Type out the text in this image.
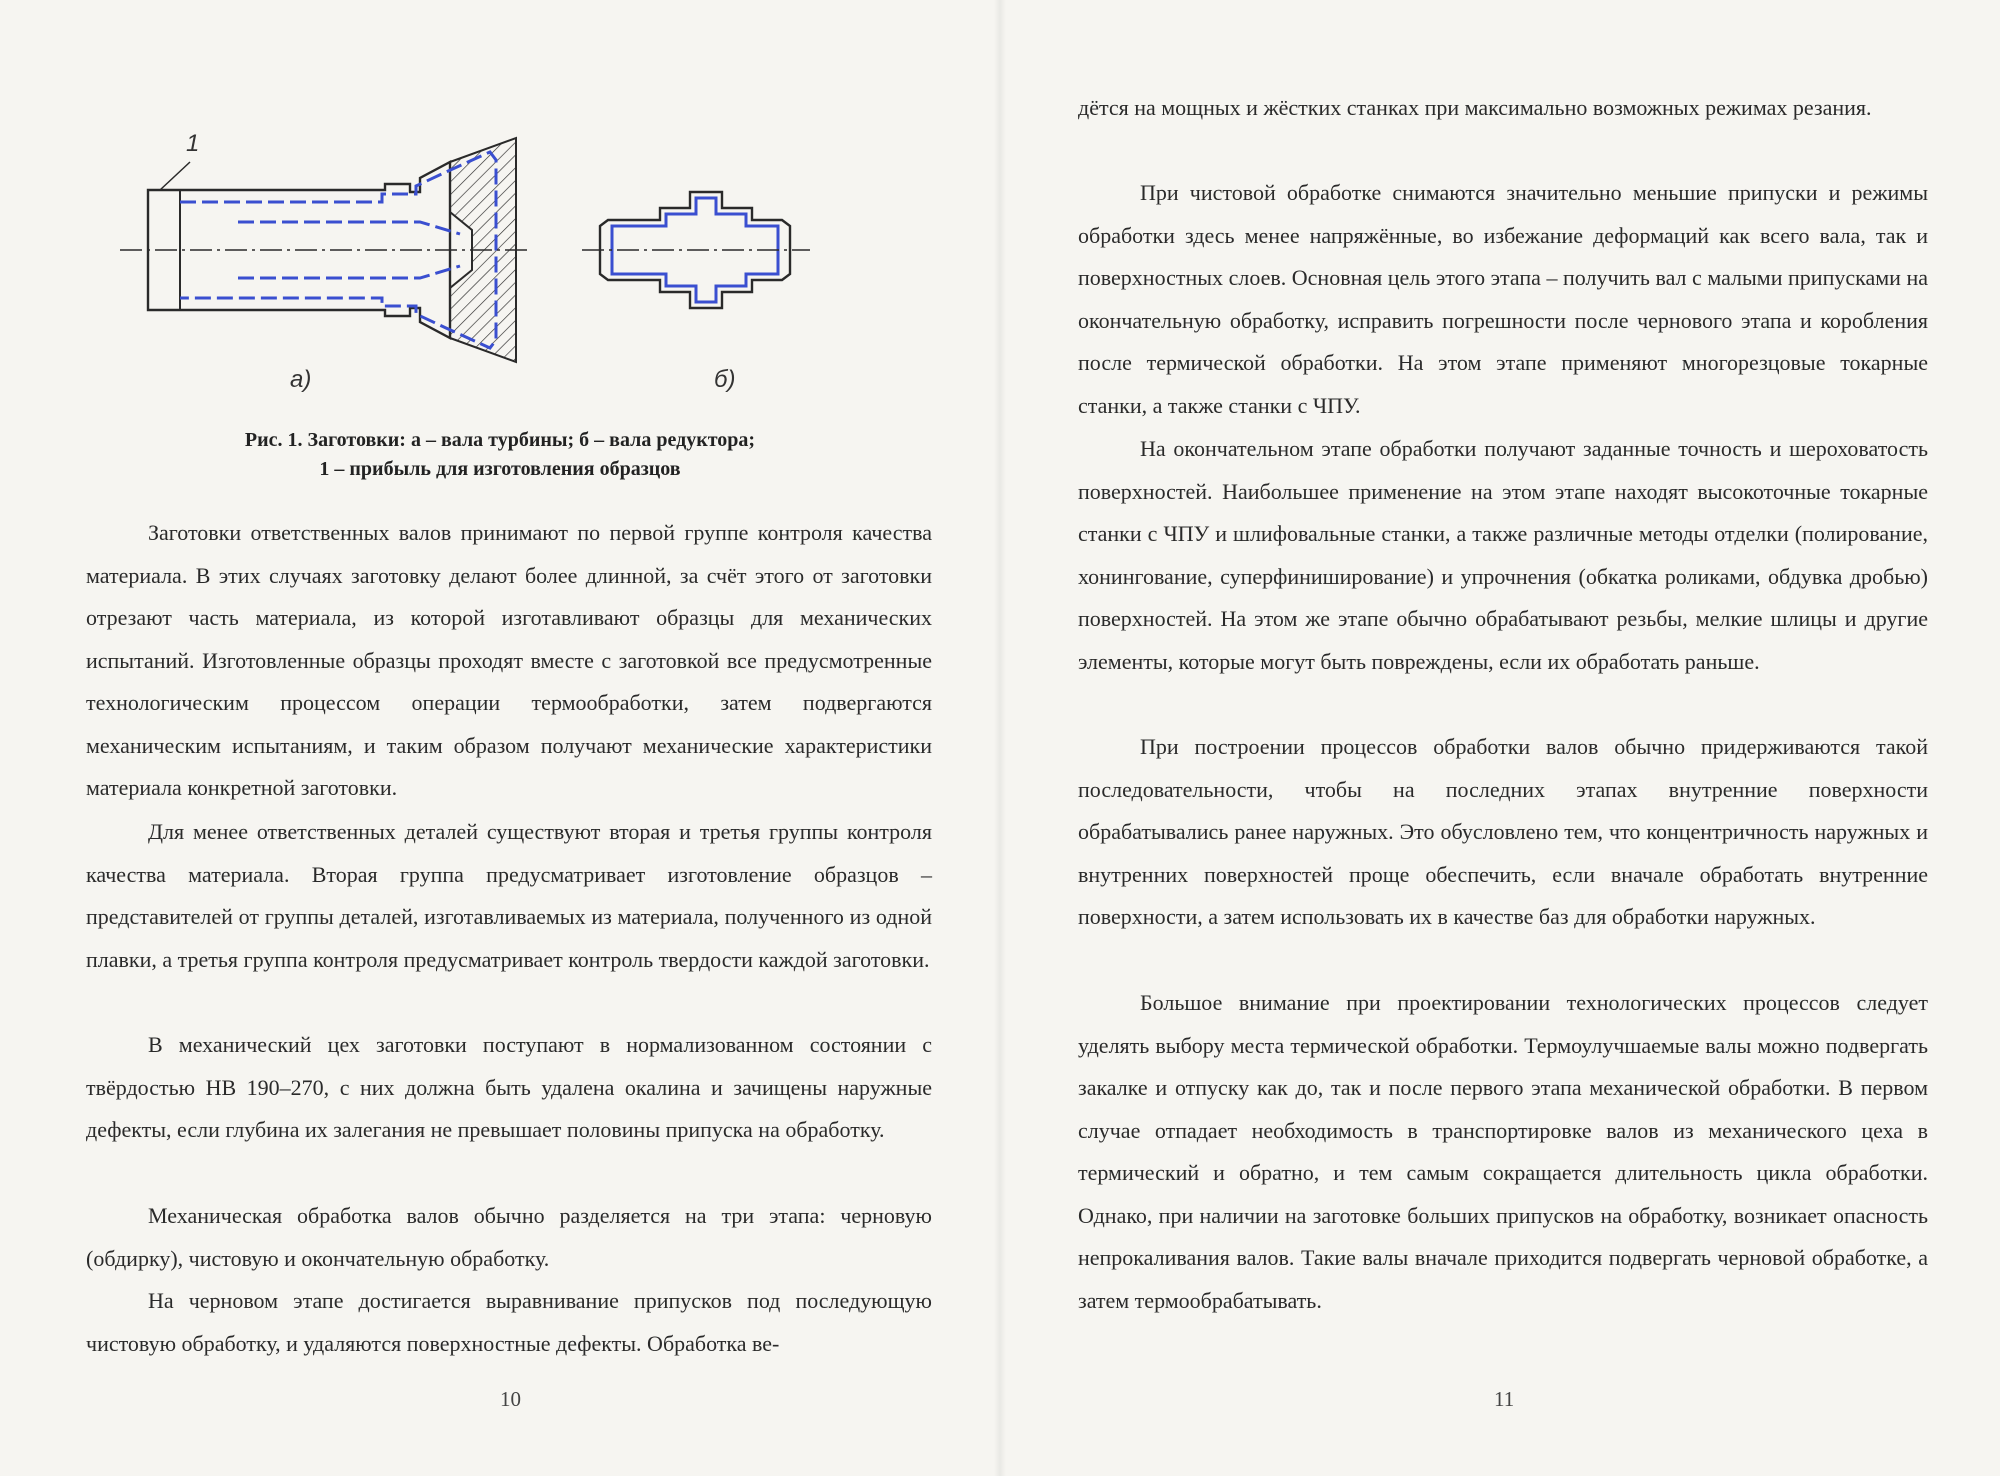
1
а)	б)
Рис. 1. Заготовки: а – вала турбины; б – вала редуктора;
1 – прибыль для изготовления образцов

Заготовки ответственных валов принимают по первой группе контроля качества материала. В этих случаях заготовку делают более длинной, за счёт этого от заготовки отрезают часть материала, из которой изготавливают образцы для механических испытаний. Изготовленные образцы проходят вместе с заготовкой все предусмотренные технологическим процессом операции термообработки, затем подвергаются механическим испытаниям, и таким образом получают механические характеристики материала конкретной заготовки.

Для менее ответственных деталей существуют вторая и третья группы контроля качества материала. Вторая группа предусматривает изготовление образцов – представителей от группы деталей, изготавливаемых из материала, полученного из одной плавки, а третья группа контроля предусматривает контроль твердости каждой заготовки.

В механический цех заготовки поступают в нормализованном состоянии с твёрдостью НВ 190–270, с них должна быть удалена окалина и зачищены наружные дефекты, если глубина их залегания не превышает половины припуска на обработку.

Механическая обработка валов обычно разделяется на три этапа: черновую (обдирку), чистовую и окончательную обработку.

На черновом этапе достигается выравнивание припусков под последующую чистовую обработку, и удаляются поверхностные дефекты. Обработка ве-

10

дётся на мощных и жёстких станках при максимально возможных режимах резания.

При чистовой обработке снимаются значительно меньшие припуски и режимы обработки здесь менее напряжённые, во избежание деформаций как всего вала, так и поверхностных слоев. Основная цель этого этапа – получить вал с малыми припусками на окончательную обработку, исправить погрешности после чернового этапа и коробления после термической обработки. На этом этапе применяют многорезцовые токарные станки, а также станки с ЧПУ.

На окончательном этапе обработки получают заданные точность и шероховатость поверхностей. Наибольшее применение на этом этапе находят высокоточные токарные станки с ЧПУ и шлифовальные станки, а также различные методы отделки (полирование, хонингование, суперфиниширование) и упрочнения (обкатка роликами, обдувка дробью) поверхностей. На этом же этапе обычно обрабатывают резьбы, мелкие шлицы и другие элементы, которые могут быть повреждены, если их обработать раньше.

При построении процессов обработки валов обычно придерживаются такой последовательности, чтобы на последних этапах внутренние поверхности обрабатывались ранее наружных. Это обусловлено тем, что концентричность наружных и внутренних поверхностей проще обеспечить, если вначале обработать внутренние поверхности, а затем использовать их в качестве баз для обработки наружных.

Большое внимание при проектировании технологических процессов следует уделять выбору места термической обработки. Термоулучшаемые валы можно подвергать закалке и отпуску как до, так и после первого этапа механической обработки. В первом случае отпадает необходимость в транспортировке валов из механического цеха в термический и обратно, и тем самым сокращается длительность цикла обработки. Однако, при наличии на заготовке больших припусков на обработку, возникает опасность непрокаливания валов. Такие валы вначале приходится подвергать черновой обработке, а затем термообрабатывать.

11
